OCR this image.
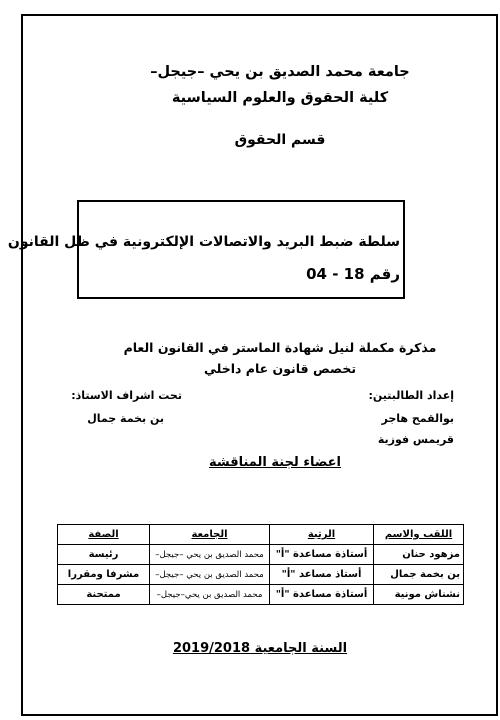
جامعة محمد الصديق بن يحي –جيجل–
كلية الحقوق والعلوم السياسية
قسم الحقوق
سلطة ضبط البريد والاتصالات الإلكترونية في ظل القانون
رقم 18 - 04
مذكرة مكملة لنيل شهادة الماستر في القانون العام
تخصص قانون عام داخلي
إعداد الطالبتين:
تحت اشراف الاستاذ:
بوالقمح هاجر
قريمس فوزية
بن بخمة جمال
اعضاء لجنة المناقشة
اللقب والاسم	الرتبة	الجامعة	الصفة
مزهود حنان	أستاذة مساعدة "أ"	محمد الصديق بن يحي –جيجل–	رئيسة
بن بخمة جمال	أستاذ مساعد "أ"	محمد الصديق بن يحي –جيجل–	مشرفا ومقررا
نشناش مونية	أستاذة مساعدة "أ"	محمد الصديق بن يحي–جيجل–	ممتحنة
السنة الجامعية 2019/2018
